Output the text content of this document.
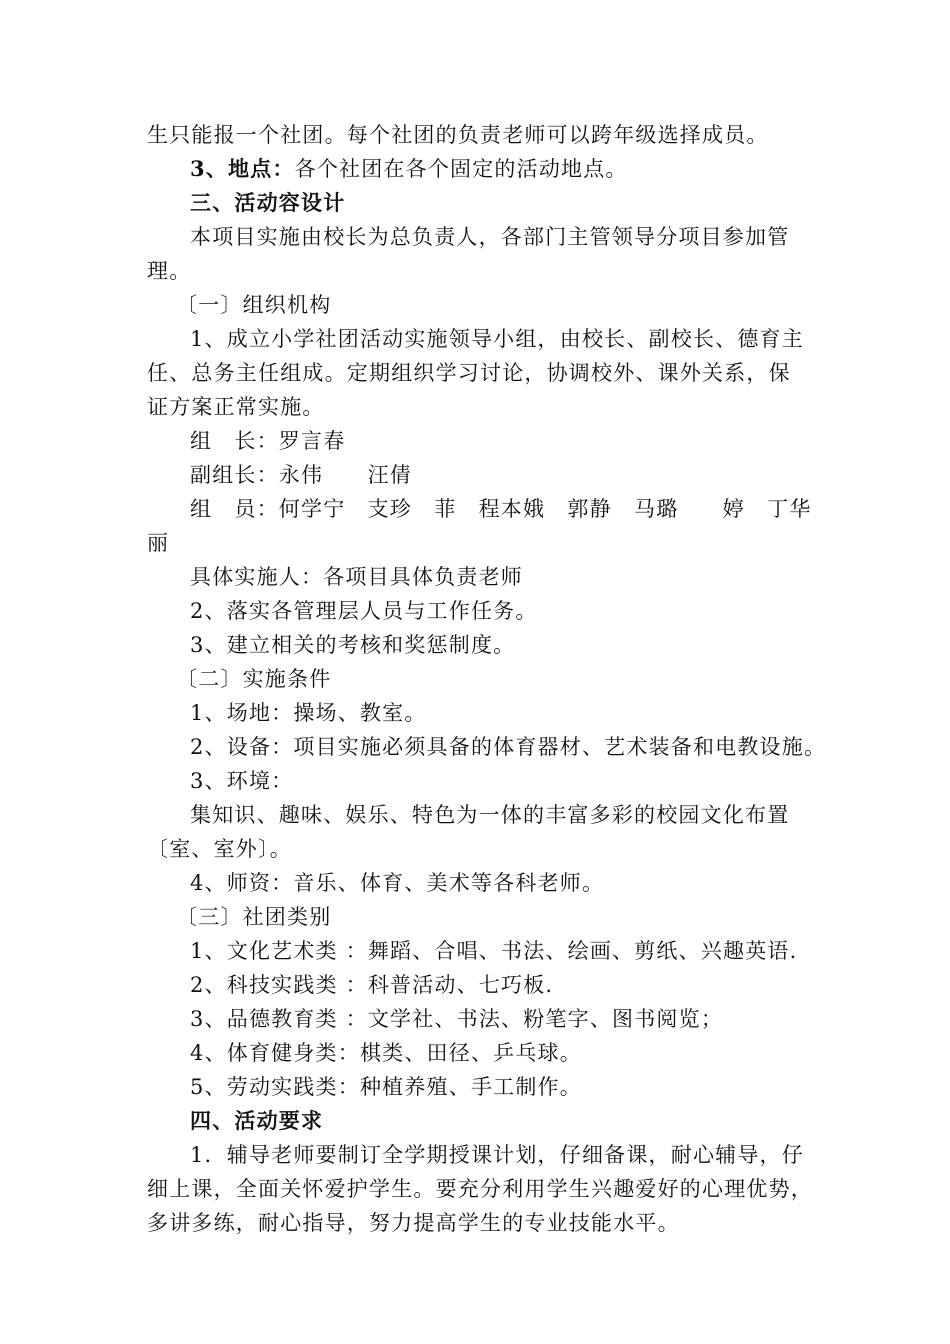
生只能报一个社团。每个社团的负责老师可以跨年级选择成员。
3、地点：各个社团在各个固定的活动地点。
三、活动容设计
本项目实施由校长为总负责人，各部门主管领导分项目参加管
理。
〔一〕组织机构
1、成立小学社团活动实施领导小组，由校长、副校长、德育主
任、总务主任组成。定期组织学习讨论，协调校外、课外关系，保
证方案正常实施。
组　长：罗言春
副组长：永伟　　汪倩
组　员：何学宁　支珍　菲　程本娥　郭静　马璐　　婷　丁华
丽
具体实施人：各项目具体负责老师
2、落实各管理层人员与工作任务。
3、建立相关的考核和奖惩制度。
〔二〕实施条件
1、场地：操场、教室。
2、设备：项目实施必须具备的体育器材、艺术装备和电教设施。
3、环境：
集知识、趣味、娱乐、特色为一体的丰富多彩的校园文化布置
〔室、室外〕。
4、师资：音乐、体育、美术等各科老师。
〔三〕社团类别
1、文化艺术类 ：舞蹈、合唱、书法、绘画、剪纸、兴趣英语.
2、科技实践类 ：科普活动、七巧板.
3、品德教育类 ：文学社、书法、粉笔字、图书阅览；
4、体育健身类：棋类、田径、乒乓球。
5、劳动实践类：种植养殖、手工制作。
四、活动要求
1．辅导老师要制订全学期授课计划，仔细备课，耐心辅导，仔
细上课，全面关怀爱护学生。要充分利用学生兴趣爱好的心理优势，
多讲多练，耐心指导，努力提高学生的专业技能水平。
